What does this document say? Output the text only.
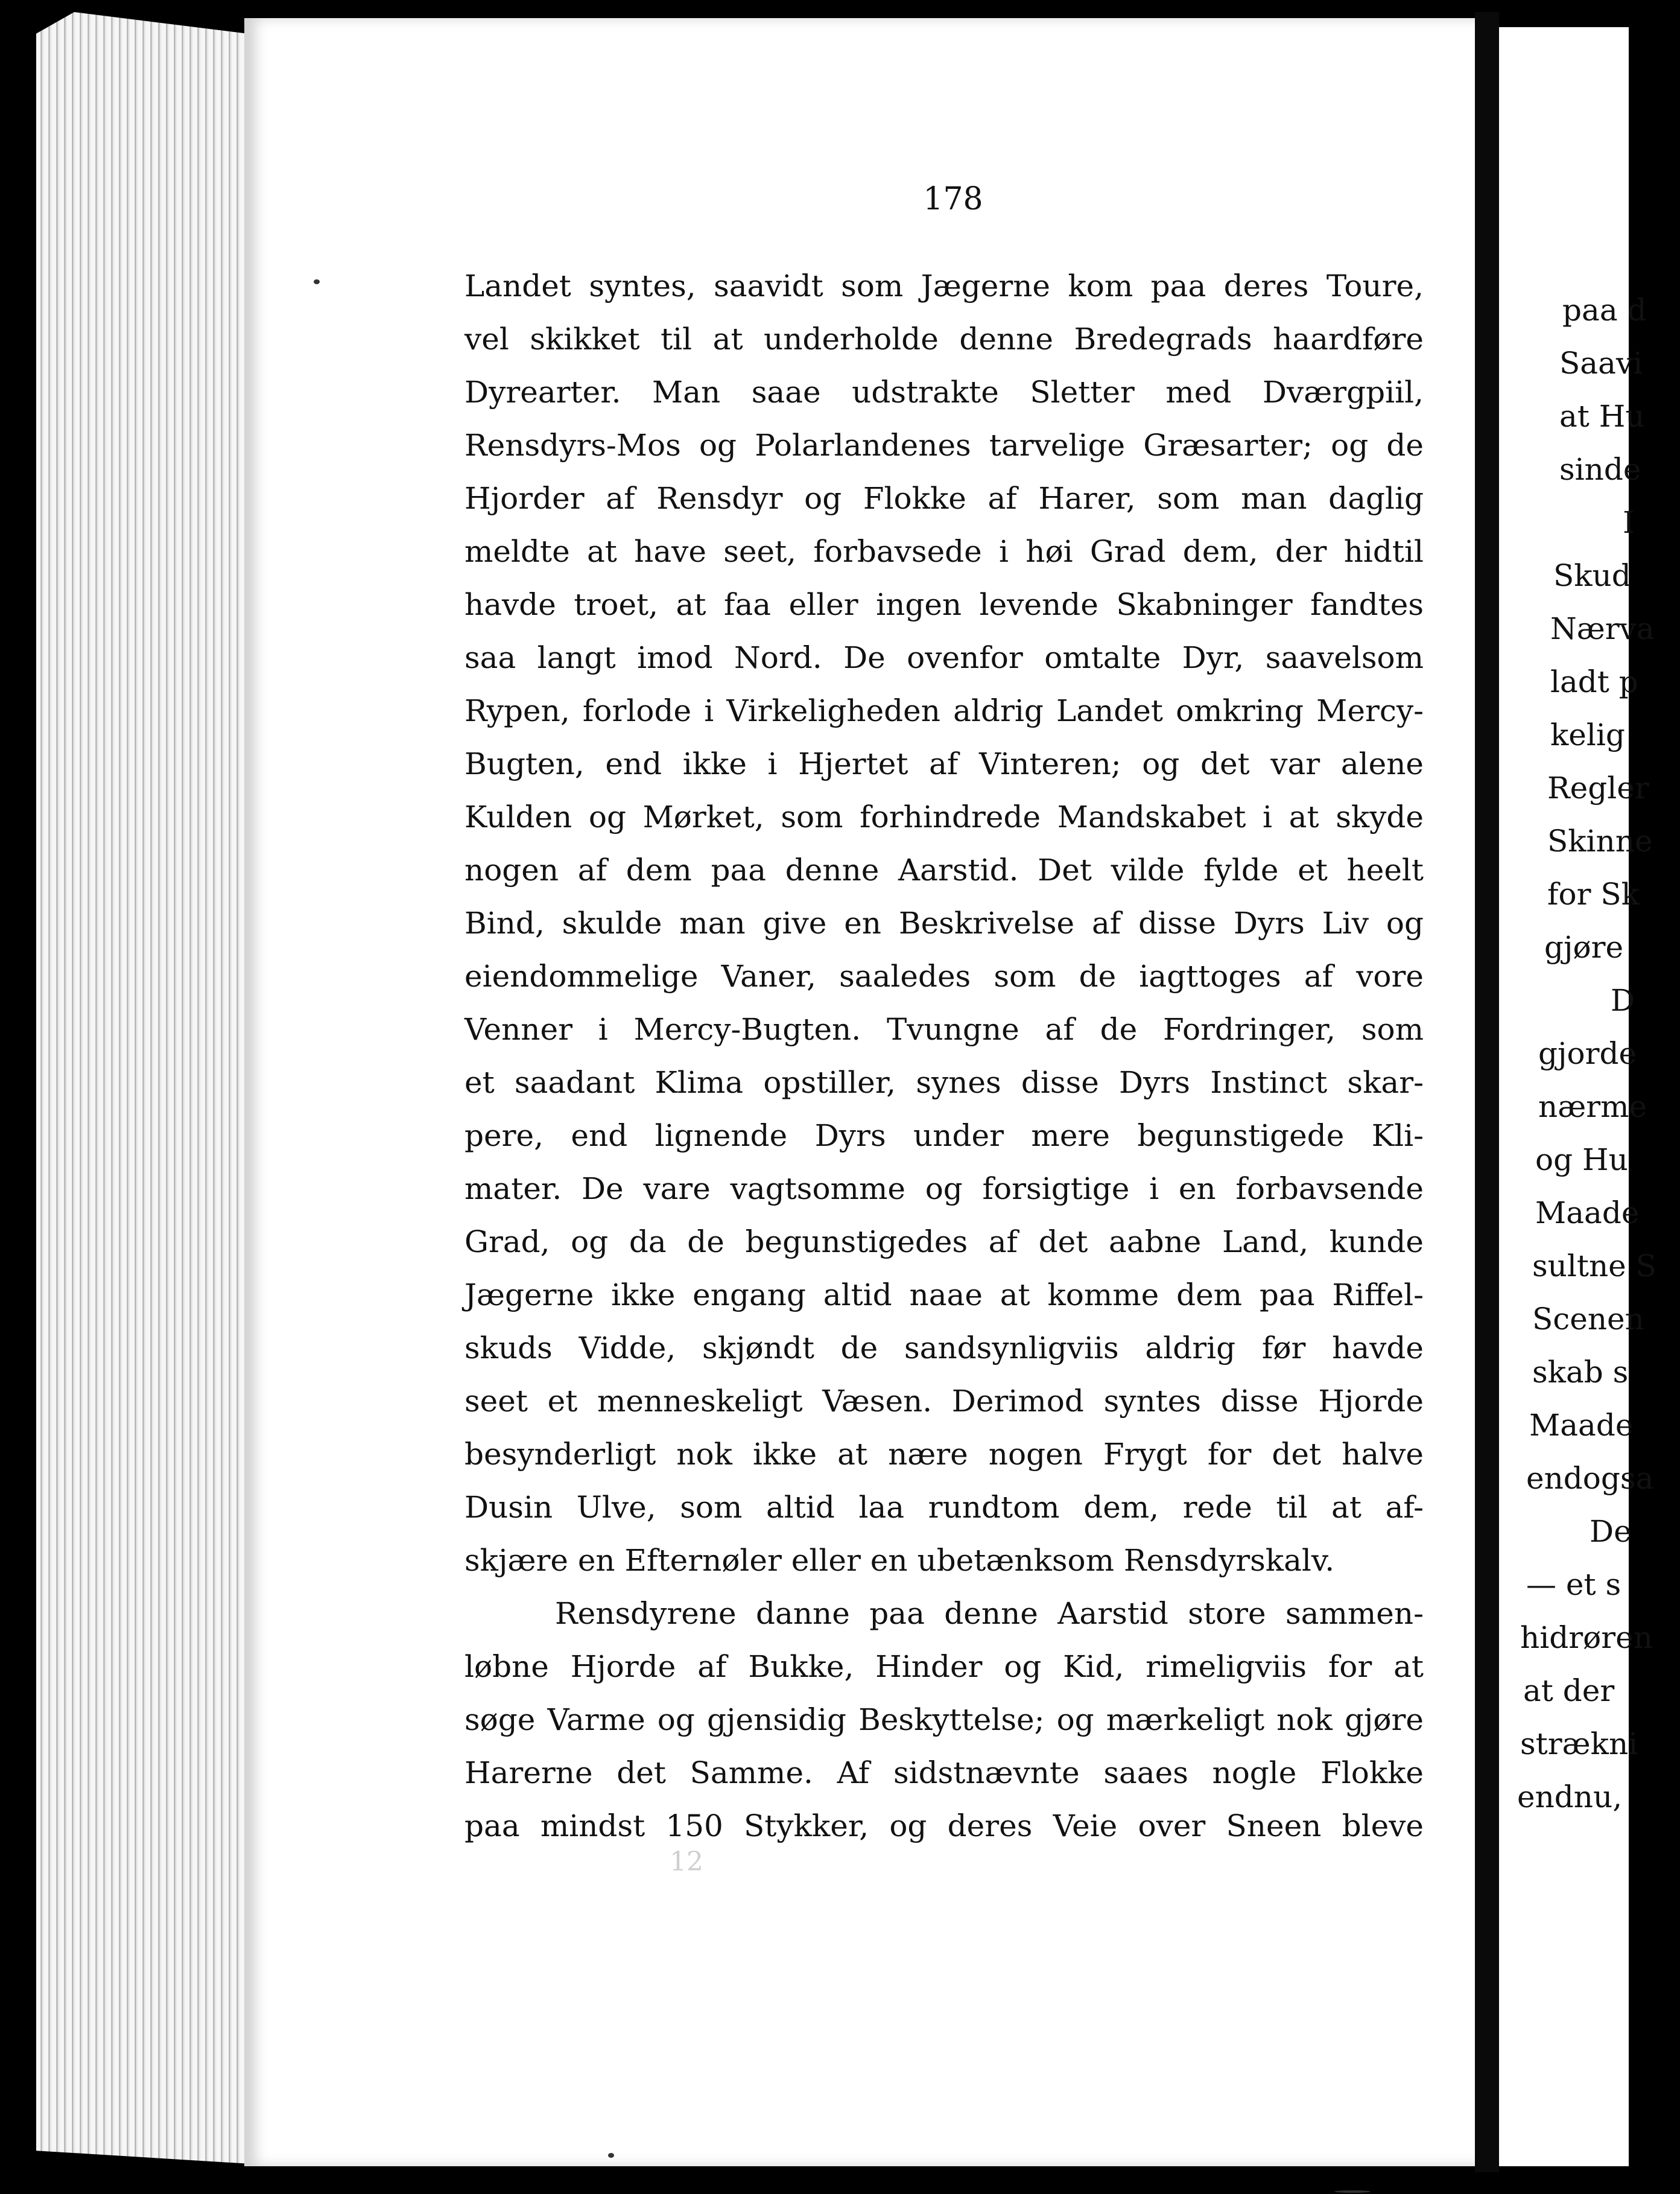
178
Landet syntes, saavidt som Jægerne kom paa deres Toure,
vel skikket til at underholde denne Bredegrads haardføre
Dyrearter. Man saae udstrakte Sletter med Dværgpiil,
Rensdyrs-Mos og Polarlandenes tarvelige Græsarter; og de
Hjorder af Rensdyr og Flokke af Harer, som man daglig
meldte at have seet, forbavsede i høi Grad dem, der hidtil
havde troet, at faa eller ingen levende Skabninger fandtes
saa langt imod Nord. De ovenfor omtalte Dyr, saavelsom
Rypen, forlode i Virkeligheden aldrig Landet omkring Mercy-
Bugten, end ikke i Hjertet af Vinteren; og det var alene
Kulden og Mørket, som forhindrede Mandskabet i at skyde
nogen af dem paa denne Aarstid. Det vilde fylde et heelt
Bind, skulde man give en Beskrivelse af disse Dyrs Liv og
eiendommelige Vaner, saaledes som de iagttoges af vore
Venner i Mercy-Bugten. Tvungne af de Fordringer, som
et saadant Klima opstiller, synes disse Dyrs Instinct skar-
pere, end lignende Dyrs under mere begunstigede Kli-
mater. De vare vagtsomme og forsigtige i en forbavsende
Grad, og da de begunstigedes af det aabne Land, kunde
Jægerne ikke engang altid naae at komme dem paa Riffel-
skuds Vidde, skjøndt de sandsynligviis aldrig før havde
seet et menneskeligt Væsen. Derimod syntes disse Hjorde
besynderligt nok ikke at nære nogen Frygt for det halve
Dusin Ulve, som altid laa rundtom dem, rede til at af-
skjære en Efternøler eller en ubetænksom Rensdyrskalv.
Rensdyrene danne paa denne Aarstid store sammen-
løbne Hjorde af Bukke, Hinder og Kid, rimeligviis for at
søge Varme og gjensidig Beskyttelse; og mærkeligt nok gjøre
Harerne det Samme. Af sidstnævnte saaes nogle Flokke
paa mindst 150 Stykker, og deres Veie over Sneen bleve
12
paa d
Saavi
at Hu
sinde
I
Skud
Nærva
ladt p
kelig
Regler
Skinne
for Sk
gjøre
D
gjorde
nærme
og Hu
Maade
sultne S
Scenen
skab s
Maade
endogsa
De
— et s
hidrøren
at der
strækni
endnu,
